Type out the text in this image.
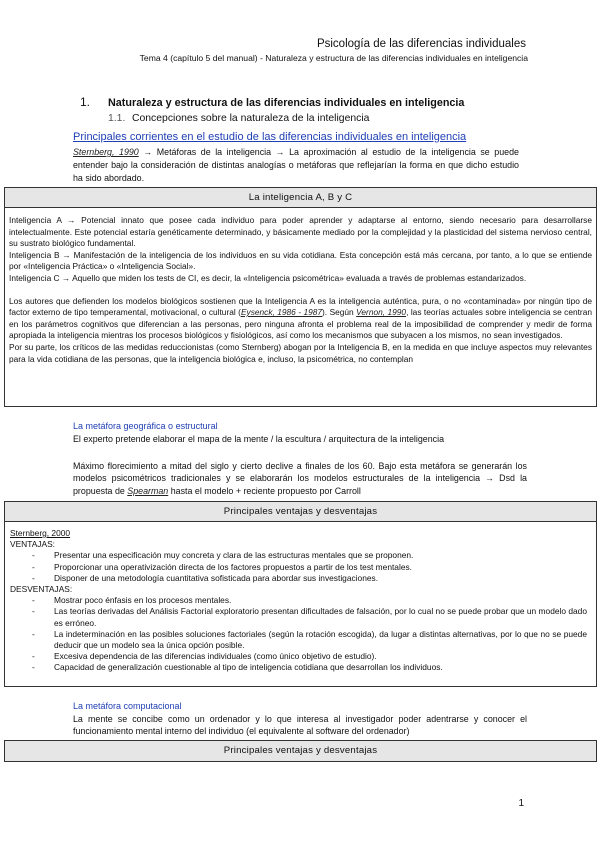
Psicología de las diferencias individuales
Tema 4 (capítulo 5 del manual) - Naturaleza y estructura de las diferencias individuales en inteligencia
1. Naturaleza y estructura de las diferencias individuales en inteligencia
1.1. Concepciones sobre la naturaleza de la inteligencia
Principales corrientes en el estudio de las diferencias individuales en inteligencia
Sternberg, 1990 → Metáforas de la inteligencia → La aproximación al estudio de la inteligencia se puede entender bajo la consideración de distintas analogías o metáforas que reflejarían la forma en que dicho estudio ha sido abordado.
La inteligencia A, B y C

Inteligencia A → Potencial innato que posee cada individuo para poder aprender y adaptarse al entorno, siendo necesario para desarrollarse intelectualmente. Este potencial estaría genéticamente determinado, y básicamente mediado por la complejidad y la plasticidad del sistema nervioso central, su sustrato biológico fundamental.

Inteligencia B → Manifestación de la inteligencia de los individuos en su vida cotidiana. Esta concepción está más cercana, por tanto, a lo que se entiende por «Inteligencia Práctica» o «Inteligencia Social».

Inteligencia C → Aquello que miden los tests de CI, es decir, la «Inteligencia psicométrica» evaluada a través de problemas estandarizados.

Los autores que defienden los modelos biológicos sostienen que la Inteligencia A es la inteligencia auténtica, pura, o no «contaminada» por ningún tipo de factor externo de tipo temperamental, motivacional, o cultural (Eysenck, 1986 - 1987). Según Vernon, 1990, las teorías actuales sobre inteligencia se centran en los parámetros cognitivos que diferencian a las personas, pero ninguna afronta el problema real de la imposibilidad de comprender y medir de forma apropiada la inteligencia mientras los procesos biológicos y fisiológicos, así como los mecanismos que subyacen a los mismos, no sean investigados.

Por su parte, los críticos de las medidas reduccionistas (como Sternberg) abogan por la Inteligencia B, en la medida en que incluye aspectos muy relevantes para la vida cotidiana de las personas, que la inteligencia biológica e, incluso, la psicométrica, no contemplan

La metáfora geográfica o estructural
El experto pretende elaborar el mapa de la mente / la escultura / arquitectura de la inteligencia
Máximo florecimiento a mitad del siglo y cierto declive a finales de los 60. Bajo esta metáfora se generarán los modelos psicométricos tradicionales y se elaborarán los modelos estructurales de la inteligencia → Dsd la propuesta de Spearman hasta el modelo + reciente propuesto por Carroll
Principales ventajas y desventajas
Sternberg, 2000
VENTAJAS:
- Presentar una especificación muy concreta y clara de las estructuras mentales que se proponen.
- Proporcionar una operativización directa de los factores propuestos a partir de los test mentales.
- Disponer de una metodología cuantitativa sofisticada para abordar sus investigaciones.
DESVENTAJAS:
- Mostrar poco énfasis en los procesos mentales.
- Las teorías derivadas del Análisis Factorial exploratorio presentan dificultades de falsación, por lo cual no se puede probar que un modelo dado es erróneo.
- La indeterminación en las posibles soluciones factoriales (según la rotación escogida), da lugar a distintas alternativas, por lo que no se puede deducir que un modelo sea la única opción posible.
- Excesiva dependencia de las diferencias individuales (como único objetivo de estudio).
- Capacidad de generalización cuestionable al tipo de inteligencia cotidiana que desarrollan los individuos.
La metáfora computacional
La mente se concibe como un ordenador y lo que interesa al investigador poder adentrarse y conocer el funcionamiento mental interno del individuo (el equivalente al software del ordenador)
Principales ventajas y desventajas
1
